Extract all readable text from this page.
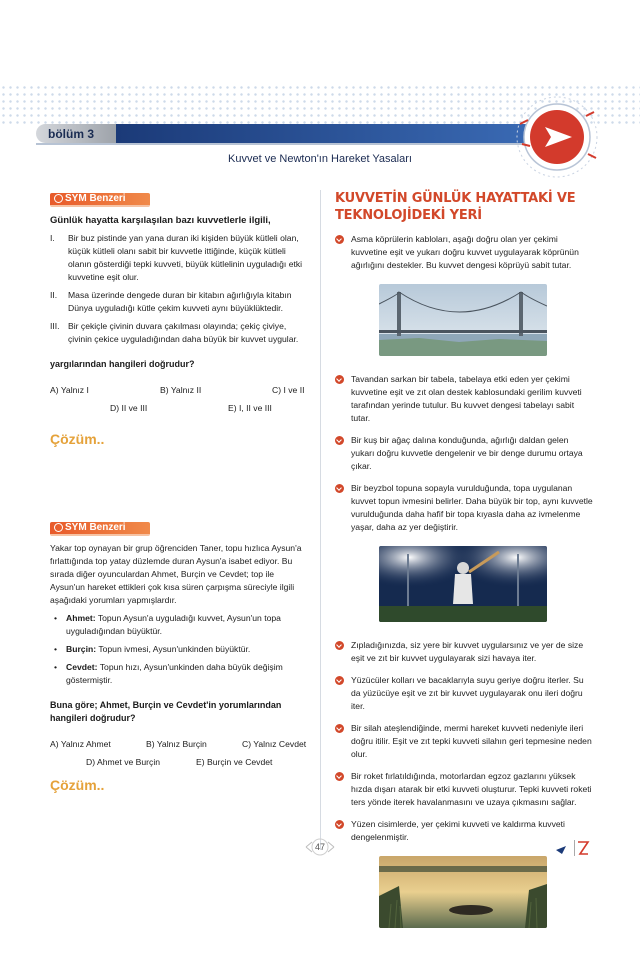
bölüm 3
Kuvvet ve Newton'ın Hareket Yasaları
SYM Benzeri
Günlük hayatta karşılaşılan bazı kuvvetlerle ilgili,
I.	Bir buz pistinde yan yana duran iki kişiden büyük kütleli olan, küçük kütleli olanı sabit bir kuvvetle ittiğinde, küçük kütleli olanın gösterdiği tepki kuvveti, büyük kütlelinin uyguladığı etki kuvvetine eşit olur.
II.	Masa üzerinde dengede duran bir kitabın ağırlığıyla kitabın Dünya uyguladığı kütle çekim kuvveti aynı büyüklüktedir.
III. Bir çekiçle çivinin duvara çakılması olayında; çekiç çiviye, çivinin çekice uyguladığından daha büyük bir kuvvet uygular.
yargılarından hangileri doğrudur?
A) Yalnız I	B) Yalnız II	C) I ve II
D) II ve III	E) I, II ve III
Çözüm..
SYM Benzeri
Yakar top oynayan bir grup öğrenciden Taner, topu hızlıca Aysun'a fırlattığında top yatay düzlemde duran Aysun'a isabet ediyor. Bu sırada diğer oyunculardan Ahmet, Burçin ve Cevdet; top ile Aysun'un hareket ettikleri çok kısa süren çarpışma süreciyle ilgili aşağıdaki yorumları yapmışlardır.
•	Ahmet: Topun Aysun'a uyguladığı kuvvet, Aysun'un topa uyguladığından büyüktür.
•	Burçin: Topun ivmesi, Aysun'unkinden büyüktür.
•	Cevdet: Topun hızı, Aysun'unkinden daha büyük değişim göstermiştir.
Buna göre; Ahmet, Burçin ve Cevdet'in yorumlarından hangileri doğrudur?
A) Yalnız Ahmet	B) Yalnız Burçin	C) Yalnız Cevdet
D) Ahmet ve Burçin	E) Burçin ve Cevdet
Çözüm..
KUVVETİN GÜNLÜK HAYATTAKİ VE TEKNOLOJİDEKİ YERİ
Asma köprülerin kabloları, aşağı doğru olan yer çekimi kuvvetine eşit ve yukarı doğru kuvvet uygulayarak köprünün ağırlığını destekler. Bu kuvvet dengesi köprüyü sabit tutar.
Tavandan sarkan bir tabela, tabelaya etki eden yer çekimi kuvvetine eşit ve zıt olan destek kablosundaki gerilim kuvveti tarafından yerinde tutulur. Bu kuvvet dengesi tabelayı sabit tutar.
Bir kuş bir ağaç dalına konduğunda, ağırlığı daldan gelen yukarı doğru kuvvetle dengelenir ve bir denge durumu ortaya çıkar.
Bir beyzbol topuna sopayla vurulduğunda, topa uygulanan kuvvet topun ivmesini belirler. Daha büyük bir top, aynı kuvvetle vurulduğunda daha hafif bir topa kıyasla daha az ivmelenme yaşar, daha az yer değiştirir.
Zıpladığınızda, siz yere bir kuvvet uygularsınız ve yer de size eşit ve zıt bir kuvvet uygulayarak sizi havaya iter.
Yüzücüler kolları ve bacaklarıyla suyu geriye doğru iterler. Su da yüzücüye eşit ve zıt bir kuvvet uygulayarak onu ileri doğru iter.
Bir silah ateşlendiğinde, mermi hareket kuvveti nedeniyle ileri doğru itilir. Eşit ve zıt tepki kuvveti silahın geri tepmesine neden olur.
Bir roket fırlatıldığında, motorlardan egzoz gazlarını yüksek hızda dışarı atarak bir etki kuvveti oluşturur. Tepki kuvveti roketi ters yönde iterek havalanmasını ve uzaya çıkmasını sağlar.
Yüzen cisimlerde, yer çekimi kuvveti ve kaldırma kuvveti dengelenmiştir.
47
